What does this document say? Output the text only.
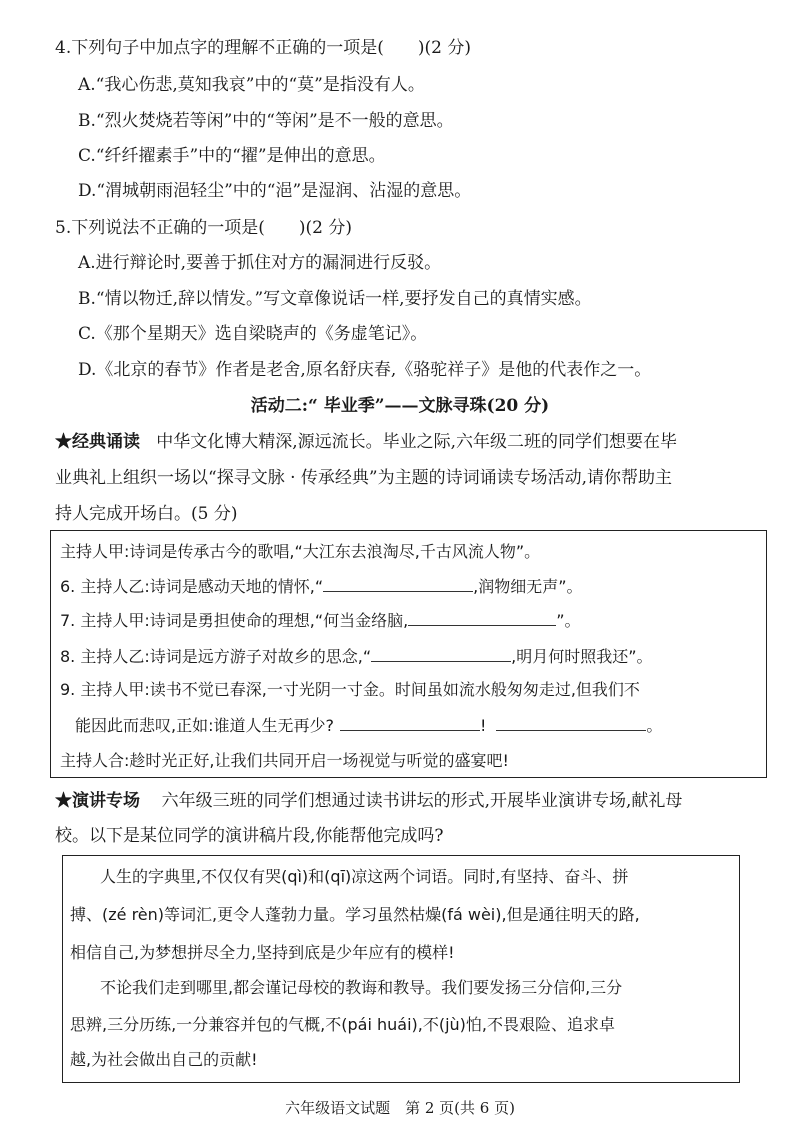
4.下列句子中加点字的理解不正确的一项是(　　)(2 分)
A.“我心伤悲,莫知我哀”中的“莫”是指没有人。
B.“烈火焚烧若等闲”中的“等闲”是不一般的意思。
C.“纤纤擢素手”中的“擢”是伸出的意思。
D.“渭城朝雨浥轻尘”中的“浥”是湿润、沾湿的意思。
5.下列说法不正确的一项是(　　)(2 分)
A.进行辩论时,要善于抓住对方的漏洞进行反驳。
B.“情以物迁,辞以情发。”写文章像说话一样,要抒发自己的真情实感。
C.《那个星期天》选自梁晓声的《务虚笔记》。
D.《北京的春节》作者是老舍,原名舒庆春,《骆驼祥子》是他的代表作之一。
活动二:“ 毕业季”——文脉寻珠(20 分)
★经典诵读 中华文化博大精深,源远流长。毕业之际,六年级二班的同学们想要在毕
业典礼上组织一场以“探寻文脉 · 传承经典”为主题的诗词诵读专场活动,请你帮助主
持人完成开场白。(5 分)
主持人甲:诗词是传承古今的歌唱,“大江东去浪淘尽,千古风流人物”。
6. 主持人乙:诗词是感动天地的情怀,“	,润物细无声”。
7. 主持人甲:诗词是勇担使命的理想,“何当金络脑,	”。
8. 主持人乙:诗词是远方游子对故乡的思念,“	,明月何时照我还”。
9. 主持人甲:读书不觉已春深,一寸光阴一寸金。时间虽如流水般匆匆走过,但我们不
能因此而悲叹,正如:谁道人生无再少?	!	。
主持人合:趁时光正好,让我们共同开启一场视觉与听觉的盛宴吧!
★演讲专场 六年级三班的同学们想通过读书讲坛的形式,开展毕业演讲专场,献礼母
校。以下是某位同学的演讲稿片段,你能帮他完成吗?
人生的字典里,不仅仅有哭(qì)和(qī)凉这两个词语。同时,有坚持、奋斗、拼
搏、(zé rèn)等词汇,更令人蓬勃力量。学习虽然枯燥(fá wèi),但是通往明天的路,
相信自己,为梦想拼尽全力,坚持到底是少年应有的模样!
不论我们走到哪里,都会谨记母校的教诲和教导。我们要发扬三分信仰,三分
思辨,三分历练,一分兼容并包的气概,不(pái huái),不(jù)怕,不畏艰险、追求卓
越,为社会做出自己的贡献!
六年级语文试题　第 2 页(共 6 页)
